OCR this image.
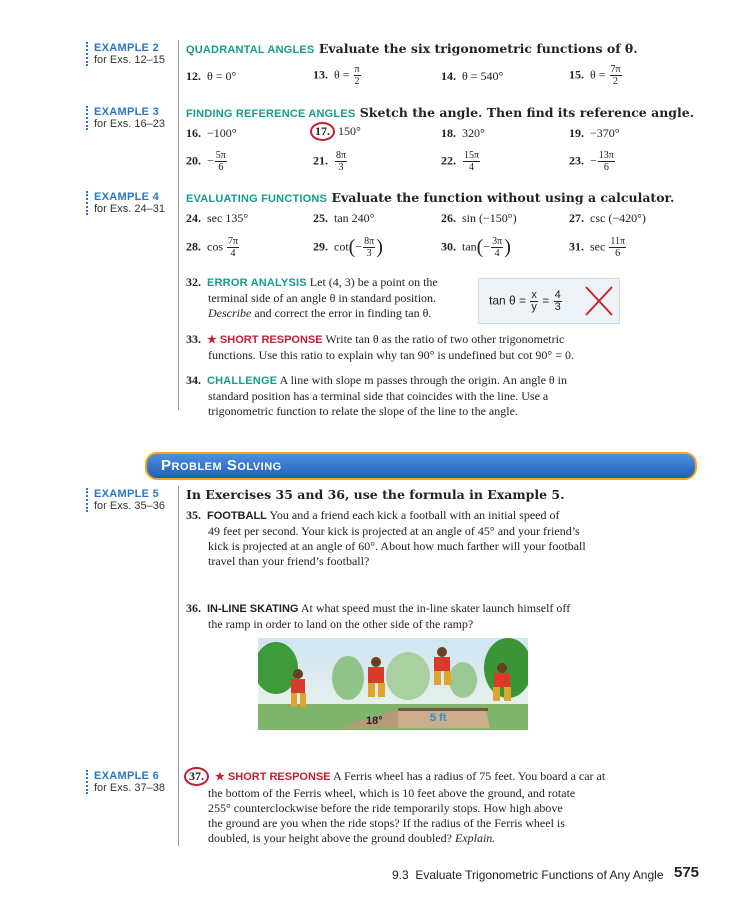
EXAMPLE 2
for Exs. 12–15
QUADRANTAL ANGLES Evaluate the six trigonometric functions of θ.
12. θ = 0°	13. $\theta = \frac{\pi}{2}$	14. θ = 540°	15. $\theta = \frac{7\pi}{2}$
EXAMPLE 3
for Exs. 16–23
FINDING REFERENCE ANGLES Sketch the angle. Then find its reference angle.
16. −100°	17. 150°	18. 320°	19. −370°
20. − $\frac{5\pi}{6}$	21. $\frac{8\pi}{3}$	22. $\frac{15\pi}{4}$	23. − $\frac{13\pi}{6}$
EXAMPLE 4
for Exs. 24–31
EVALUATING FUNCTIONS Evaluate the function without using a calculator.
24. sec 135°	25. tan 240°	26. sin (−150°)	27. csc (−420°)
28. $\cos \frac{7\pi}{4}$	29. $\cot(- \frac{8\pi}{3}$ )	30. $\tan(- \frac{3\pi}{4}$ )	31. $\sec \frac{11\pi}{6}$
32. ERROR ANALYSIS Let (4, 3) be a point on the
terminal side of an angle θ in standard position.
Describe and correct the error in finding tan θ.
$\tan \theta = \frac{x}{y} = \frac{4}{3}$
33. ★ SHORT RESPONSE Write tan θ as the ratio of two other trigonometric
functions. Use this ratio to explain why tan 90° is undefined but cot 90° = 0.
34. CHALLENGE A line with slope m passes through the origin. An angle θ in
standard position has a terminal side that coincides with the line. Use a
trigonometric function to relate the slope of the line to the angle.
Problem Solving
EXAMPLE 5
for Exs. 35–36
In Exercises 35 and 36, use the formula in Example 5.
35. FOOTBALL You and a friend each kick a football with an initial speed of
49 feet per second. Your kick is projected at an angle of 45° and your friend’s
kick is projected at an angle of 60°. About how much farther will your football
travel than your friend’s football?
36. IN-LINE SKATING At what speed must the in-line skater launch himself off
the ramp in order to land on the other side of the ramp?
18°	5 ft
EXAMPLE 6
for Exs. 37–38
37. ★ SHORT RESPONSE A Ferris wheel has a radius of 75 feet. You board a car at
the bottom of the Ferris wheel, which is 10 feet above the ground, and rotate
255° counterclockwise before the ride temporarily stops. How high above
the ground are you when the ride stops? If the radius of the Ferris wheel is
doubled, is your height above the ground doubled? Explain.
9.3 Evaluate Trigonometric Functions of Any Angle 575
